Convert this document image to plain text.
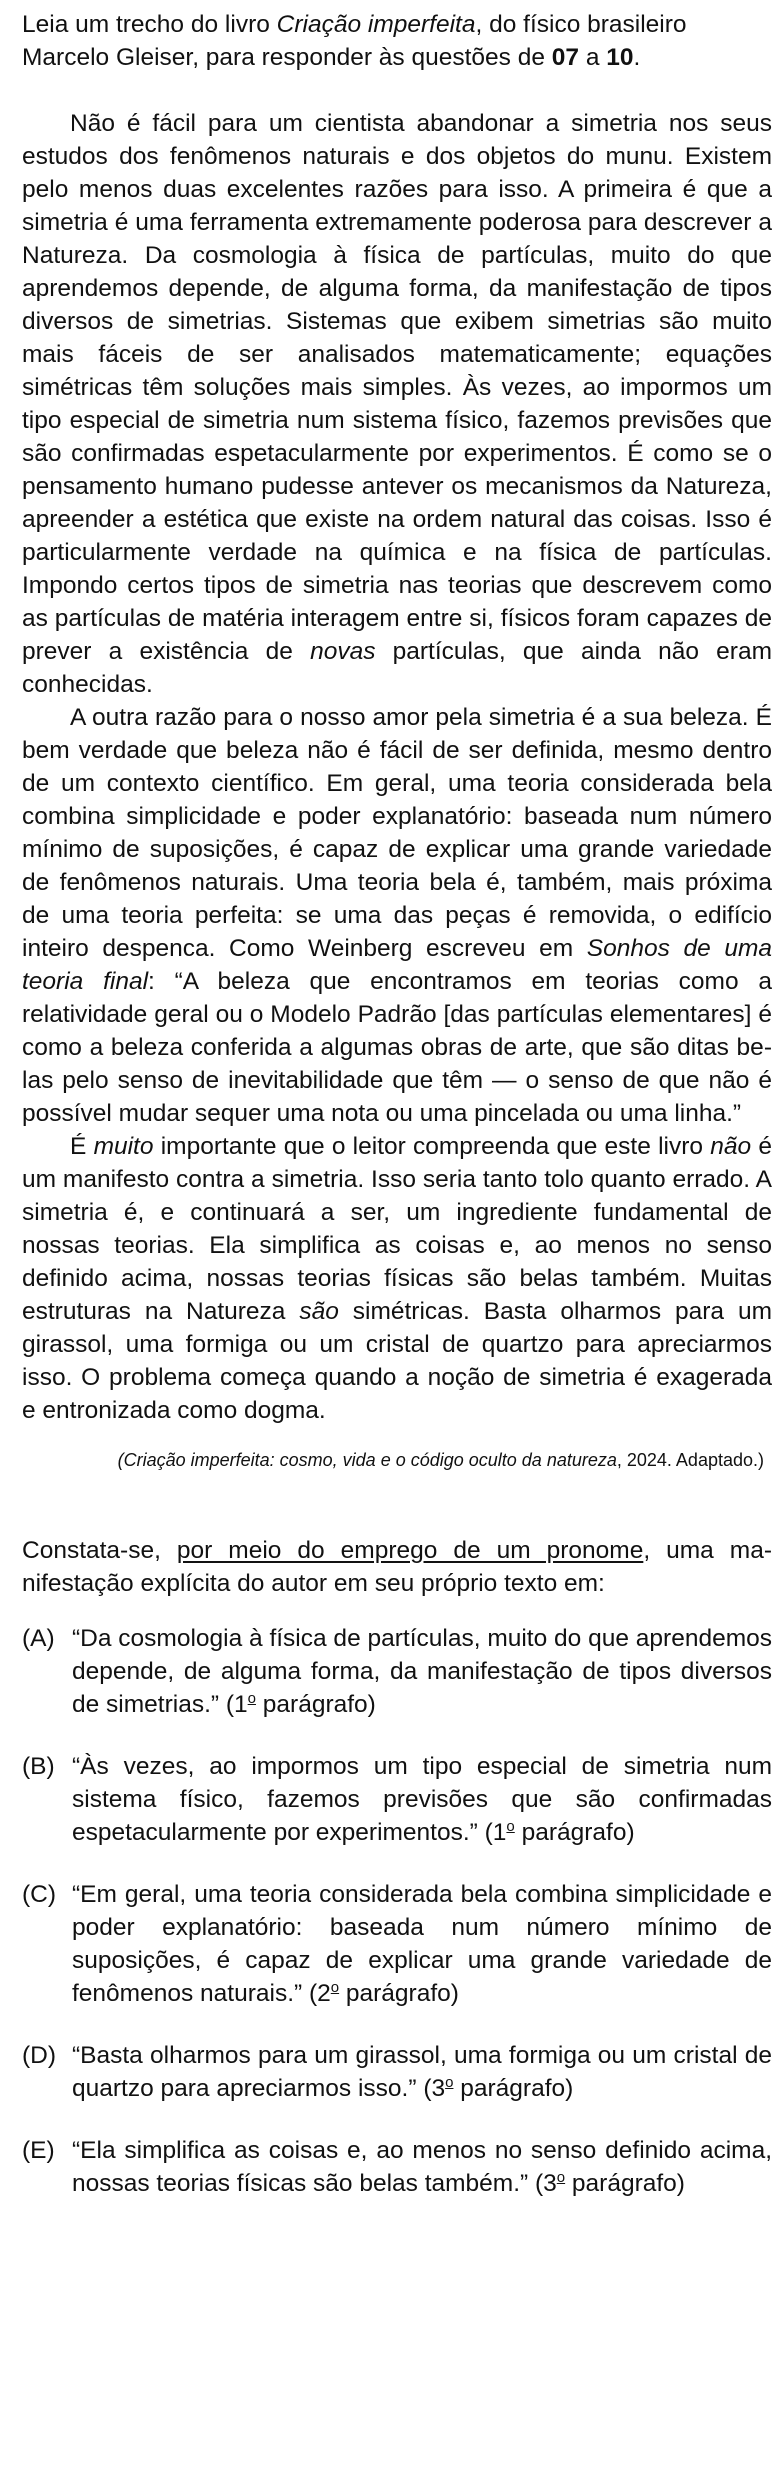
Leia um trecho do livro Criação imperfeita, do físico brasileiro Marcelo Gleiser, para responder às questões de 07 a 10.

Não é fácil para um cientista abandonar a simetria nos seus estudos dos fenômenos naturais e dos objetos do munu. Existem pelo menos duas excelentes razões para isso. A primeira é que a simetria é uma ferramenta extremamente poderosa para descrever a Natureza. Da cosmologia à física de partículas, muito do que aprendemos depende, de alguma forma, da manifestação de tipos diversos de simetrias. Sistemas que exibem simetrias são muito mais fáceis de ser analisados matematicamente; equações simétricas têm soluções mais simples. Às vezes, ao impormos um tipo especial de simetria num sistema físico, fazemos previsões que são confirmadas espetacularmente por experimentos. É como se o pensamento humano pudesse antever os mecanismos da Natureza, apreender a estética que existe na ordem natural das coisas. Isso é particularmente verdade na química e na física de partículas. Impondo certos tipos de simetria nas teorias que descrevem como as partículas de matéria interagem entre si, físicos foram capazes de prever a existência de novas partículas, que ainda não eram conhecidas.

A outra razão para o nosso amor pela simetria é a sua beleza. É bem verdade que beleza não é fácil de ser definida, mesmo dentro de um contexto científico. Em geral, uma teoria considerada bela combina simplicidade e poder explanatório: baseada num número mínimo de suposições, é capaz de explicar uma grande variedade de fenômenos naturais. Uma teoria bela é, também, mais próxima de uma teoria perfeita: se uma das peças é removida, o edifício inteiro despenca. Como Weinberg escreveu em Sonhos de uma teoria final: “A beleza que encontramos em teorias como a relatividade geral ou o Modelo Padrão [das partículas elementares] é como a beleza conferida a algumas obras de arte, que são ditas belas pelo senso de inevitabilidade que têm — o senso de que não é possível mudar sequer uma nota ou uma pincelada ou uma linha.”

É muito importante que o leitor compreenda que este livro não é um manifesto contra a simetria. Isso seria tanto tolo quanto errado. A simetria é, e continuará a ser, um ingrediente fundamental de nossas teorias. Ela simplifica as coisas e, ao menos no senso definido acima, nossas teorias físicas são belas também. Muitas estruturas na Natureza são simétricas. Basta olharmos para um girassol, uma formiga ou um cristal de quartzo para apreciarmos isso. O problema começa quando a noção de simetria é exagerada e entronizada como dogma.

(Criação imperfeita: cosmo, vida e o código oculto da natureza, 2024. Adaptado.)

Constata-se, por meio do emprego de um pronome, uma manifestação explícita do autor em seu próprio texto em:

(A) “Da cosmologia à física de partículas, muito do que aprendemos depende, de alguma forma, da manifestação de tipos diversos de simetrias.” (1$^o$ parágrafo)
(B) “Às vezes, ao impormos um tipo especial de simetria num sistema físico, fazemos previsões que são confirmadas espetacularmente por experimentos.” (1$^o$ parágrafo)
(C) “Em geral, uma teoria considerada bela combina simplicidade e poder explanatório: baseada num número mínimo de suposições, é capaz de explicar uma grande variedade de fenômenos naturais.” (2$^o$ parágrafo)
(D) “Basta olharmos para um girassol, uma formiga ou um cristal de quartzo para apreciarmos isso.” (3$^o$ parágrafo)
(E) “Ela simplifica as coisas e, ao menos no senso definido acima, nossas teorias físicas são belas também.” (3$^o$ parágrafo)
